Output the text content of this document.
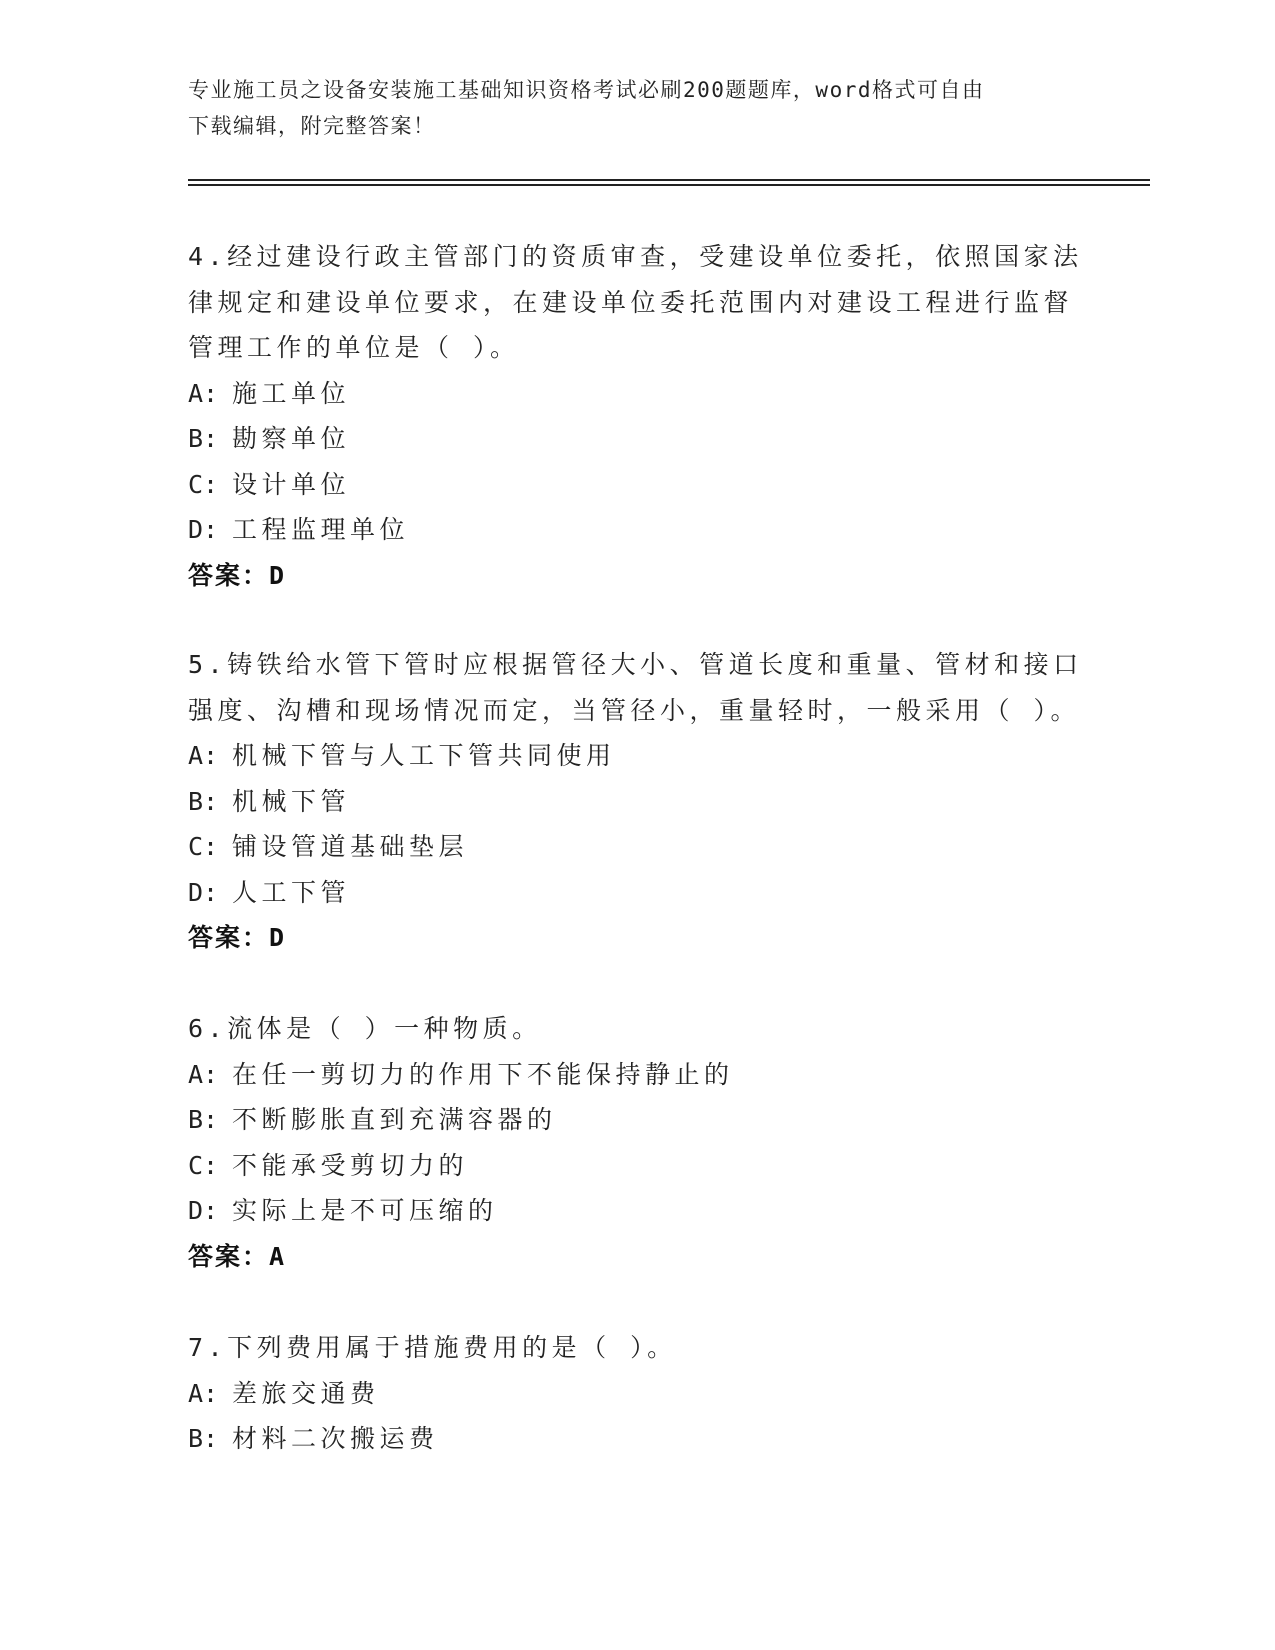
专业施工员之设备安装施工基础知识资格考试必刷200题题库，word格式可自由
下载编辑，附完整答案！
4.经过建设行政主管部门的资质审查，受建设单位委托，依照国家法
律规定和建设单位要求，在建设单位委托范围内对建设工程进行监督
管理工作的单位是（ ）。
A: 施工单位
B: 勘察单位
C: 设计单位
D: 工程监理单位
答案：D
5.铸铁给水管下管时应根据管径大小、管道长度和重量、管材和接口
强度、沟槽和现场情况而定，当管径小，重量轻时，一般采用（ ）。
A: 机械下管与人工下管共同使用
B: 机械下管
C: 铺设管道基础垫层
D: 人工下管
答案：D
6.流体是（ ）一种物质。
A: 在任一剪切力的作用下不能保持静止的
B: 不断膨胀直到充满容器的
C: 不能承受剪切力的
D: 实际上是不可压缩的
答案：A
7.下列费用属于措施费用的是（ ）。
A: 差旅交通费
B: 材料二次搬运费
